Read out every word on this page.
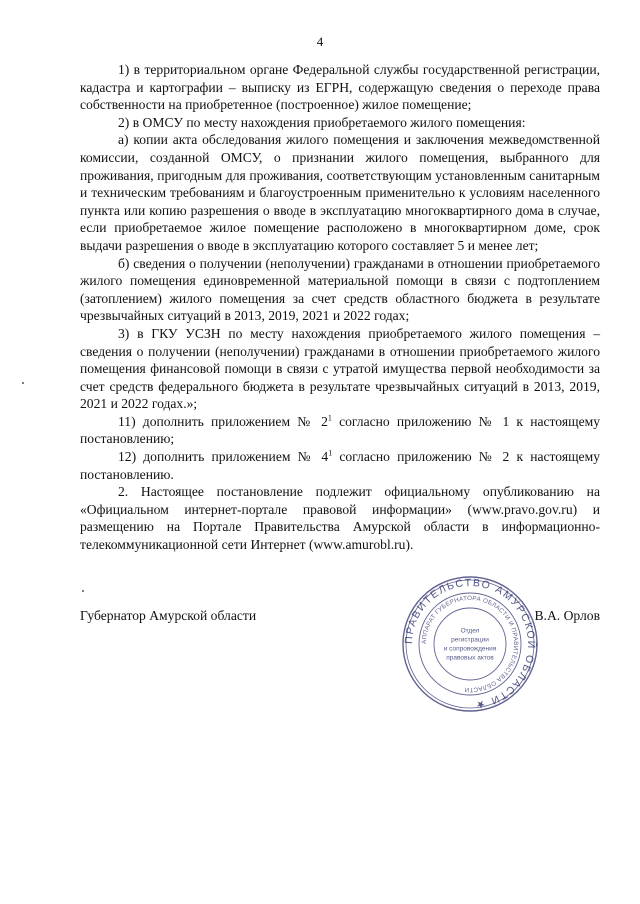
4

1) в территориальном органе Федеральной службы государственной регистрации, кадастра и картографии – выписку из ЕГРН, содержащую сведения о переходе права собственности на приобретенное (построенное) жилое помещение;

2) в ОМСУ по месту нахождения приобретаемого жилого помещения:

а) копии акта обследования жилого помещения и заключения межведомственной комиссии, созданной ОМСУ, о признании жилого помещения, выбранного для проживания, пригодным для проживания, соответствующим установленным санитарным и техническим требованиям и благоустроенным применительно к условиям населенного пункта или копию разрешения о вводе в эксплуатацию многоквартирного дома в случае, если приобретаемое жилое помещение расположено в многоквартирном доме, срок выдачи разрешения о вводе в эксплуатацию которого составляет 5 и менее лет;

б) сведения о получении (неполучении) гражданами в отношении приобретаемого жилого помещения единовременной материальной помощи в связи с подтоплением (затоплением) жилого помещения за счет средств областного бюджета в результате чрезвычайных ситуаций в 2013, 2019, 2021 и 2022 годах;

3) в ГКУ УСЗН по месту нахождения приобретаемого жилого помещения – сведения о получении (неполучении) гражданами в отношении приобретаемого жилого помещения финансовой помощи в связи с утратой имущества первой необходимости за счет средств федерального бюджета в результате чрезвычайных ситуаций в 2013, 2019, 2021 и 2022 годах.»;

11) дополнить приложением № $2^1$ согласно приложению № 1 к настоящему постановлению;

12) дополнить приложением № $4^1$ согласно приложению № 2 к настоящему постановлению.

2. Настоящее постановление подлежит официальному опубликованию на «Официальном интернет-портале правовой информации» (www.pravo.gov.ru) и размещению на Портале Правительства Амурской области в информационно-телекоммуникационной сети Интернет (www.amurobl.ru).

Губернатор Амурской области
ПРАВИТЕЛЬСТВО АМУРСКОЙ ОБЛАСТИ ★
АППАРАТ ГУБЕРНАТОРА ОБЛАСТИ И ПРАВИТЕЛЬСТВА ОБЛАСТИ
Отдел
регистрации
и сопровождения
правовых актов
В.А. Орлов
